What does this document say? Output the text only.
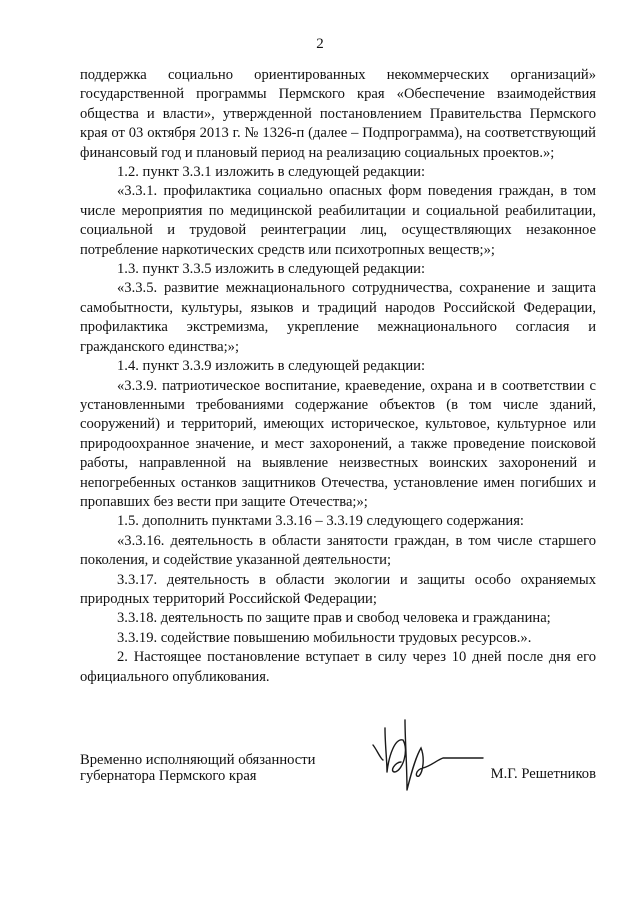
2

поддержка социально ориентированных некоммерческих организаций» государственной программы Пермского края «Обеспечение взаимодействия общества и власти», утвержденной постановлением Правительства Пермского края от 03 октября 2013 г. № 1326-п (далее – Подпрограмма), на соответствующий финансовый год и плановый период на реализацию социальных проектов.»;

1.2. пункт 3.3.1 изложить в следующей редакции:

«3.3.1. профилактика социально опасных форм поведения граждан, в том числе мероприятия по медицинской реабилитации и социальной реабилитации, социальной и трудовой реинтеграции лиц, осуществляющих незаконное потребление наркотических средств или психотропных веществ;»;

1.3. пункт 3.3.5 изложить в следующей редакции:

«3.3.5. развитие межнационального сотрудничества, сохранение и защита самобытности, культуры, языков и традиций народов Российской Федерации, профилактика экстремизма, укрепление межнационального согласия и гражданского единства;»;

1.4. пункт 3.3.9 изложить в следующей редакции:

«3.3.9. патриотическое воспитание, краеведение, охрана и в соответствии с установленными требованиями содержание объектов (в том числе зданий, сооружений) и территорий, имеющих историческое, культовое, культурное или природоохранное значение, и мест захоронений, а также проведение поисковой работы, направленной на выявление неизвестных воинских захоронений и непогребенных останков защитников Отечества, установление имен погибших и пропавших без вести при защите Отечества;»;

1.5. дополнить пунктами 3.3.16 – 3.3.19 следующего содержания:

«3.3.16. деятельность в области занятости граждан, в том числе старшего поколения, и содействие указанной деятельности;

3.3.17. деятельность в области экологии и защиты особо охраняемых природных территорий Российской Федерации;

3.3.18. деятельность по защите прав и свобод человека и гражданина;

3.3.19. содействие повышению мобильности трудовых ресурсов.».

2. Настоящее постановление вступает в силу через 10 дней после дня его официального опубликования.

Временно исполняющий обязанности
губернатора Пермского края	М.Г. Решетников
